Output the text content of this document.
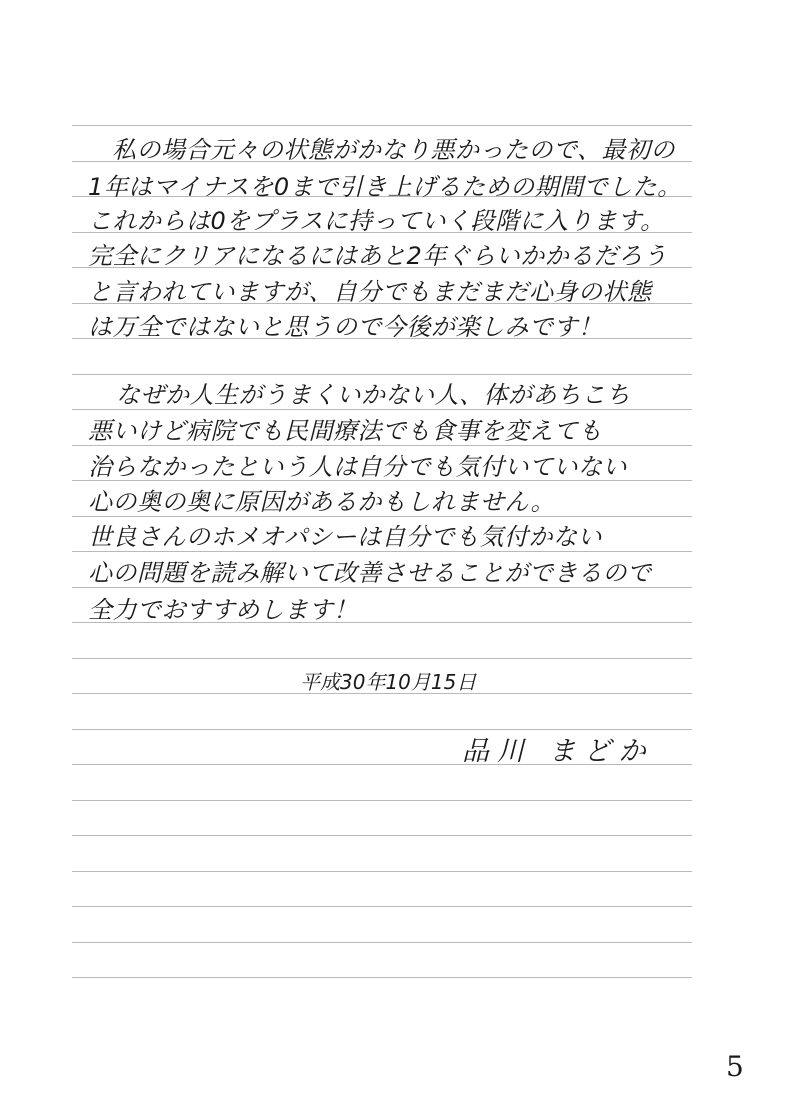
私の場合元々の状態がかなり悪かったので、最初の
1年はマイナスを0まで引き上げるための期間でした。
これからは0をプラスに持っていく段階に入ります。
完全にクリアになるにはあと2年ぐらいかかるだろう
と言われていますが、自分でもまだまだ心身の状態
は万全ではないと思うので今後が楽しみです！
なぜか人生がうまくいかない人、体があちこち
悪いけど病院でも民間療法でも食事を変えても
治らなかったという人は自分でも気付いていない
心の奥の奥に原因があるかもしれません。
世良さんのホメオパシーは自分でも気付かない
心の問題を読み解いて改善させることができるので
全力でおすすめします！
平成30年10月15日
品川 まどか
5
